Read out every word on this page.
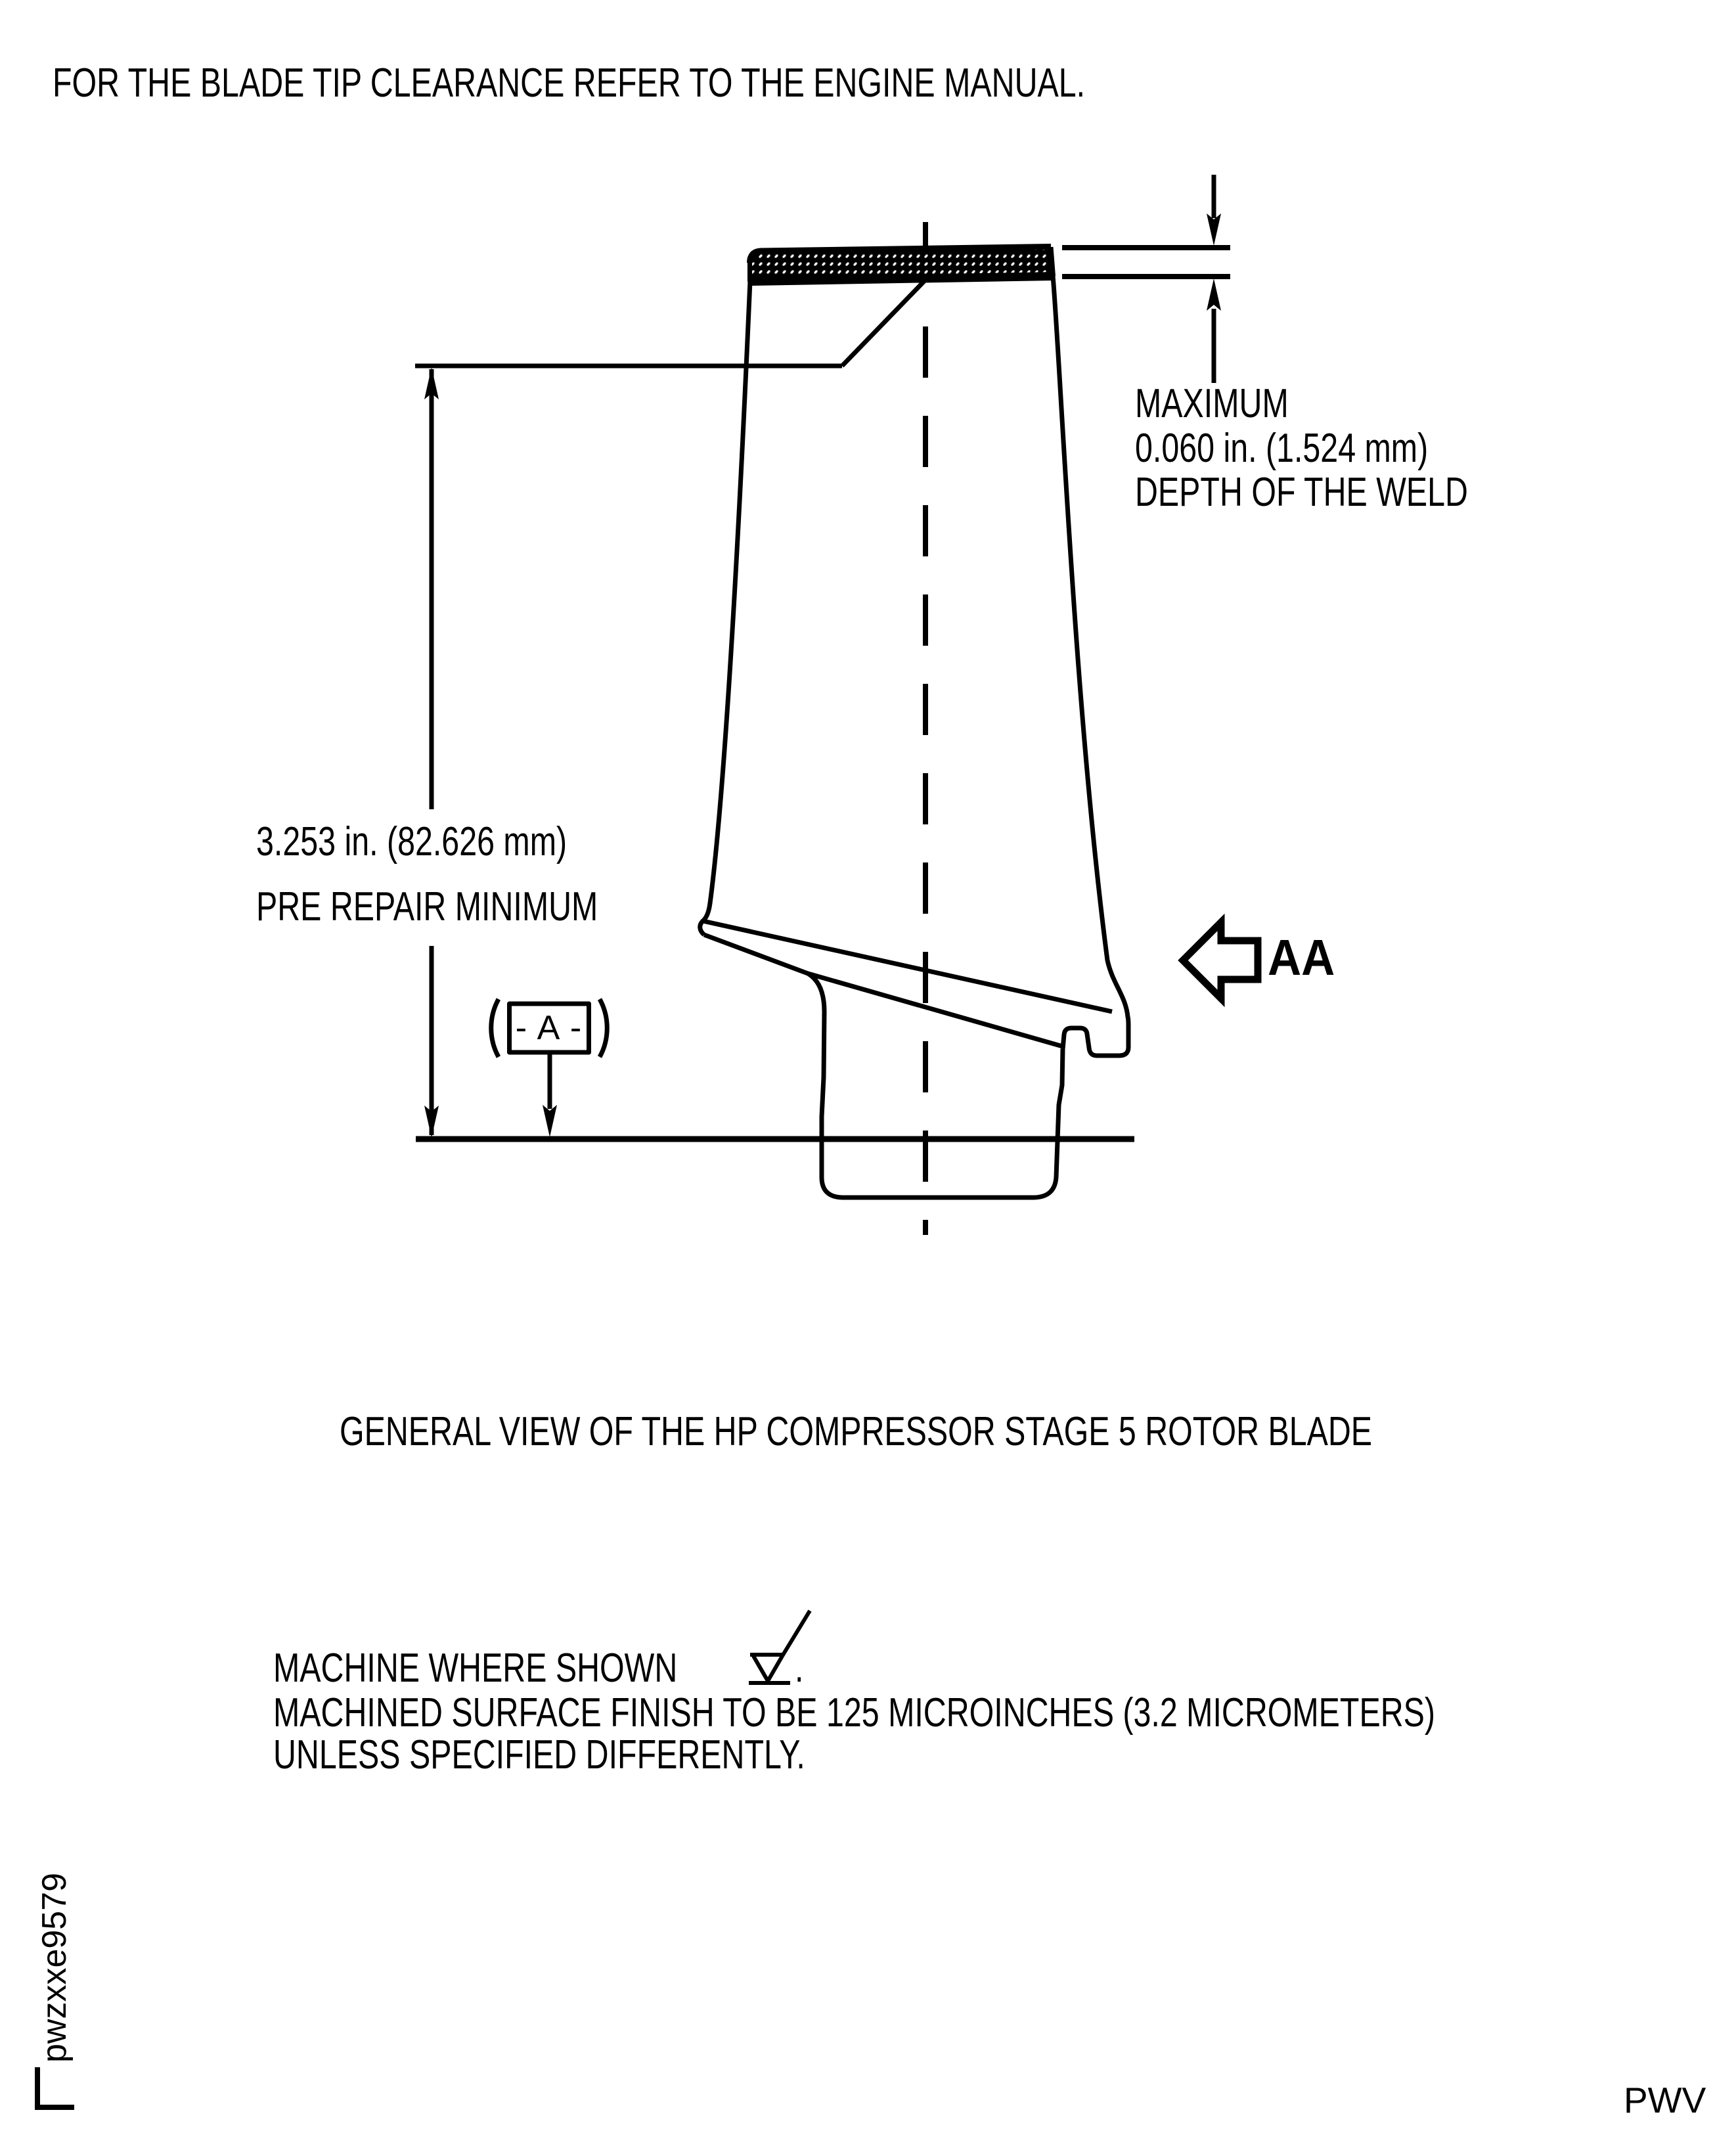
FOR THE BLADE TIP CLEARANCE REFER TO THE ENGINE MANUAL.
MAXIMUM
0.060 in. (1.524 mm)
DEPTH OF THE WELD
3.253 in. (82.626 mm)
PRE REPAIR MINIMUM
- A -
AA
GENERAL VIEW OF THE HP COMPRESSOR STAGE 5 ROTOR BLADE
MACHINE WHERE SHOWN	.
MACHINED SURFACE FINISH TO BE 125 MICROINCHES (3.2 MICROMETERS)
UNLESS SPECIFIED DIFFERENTLY.
pwzxxe9579
PWV
